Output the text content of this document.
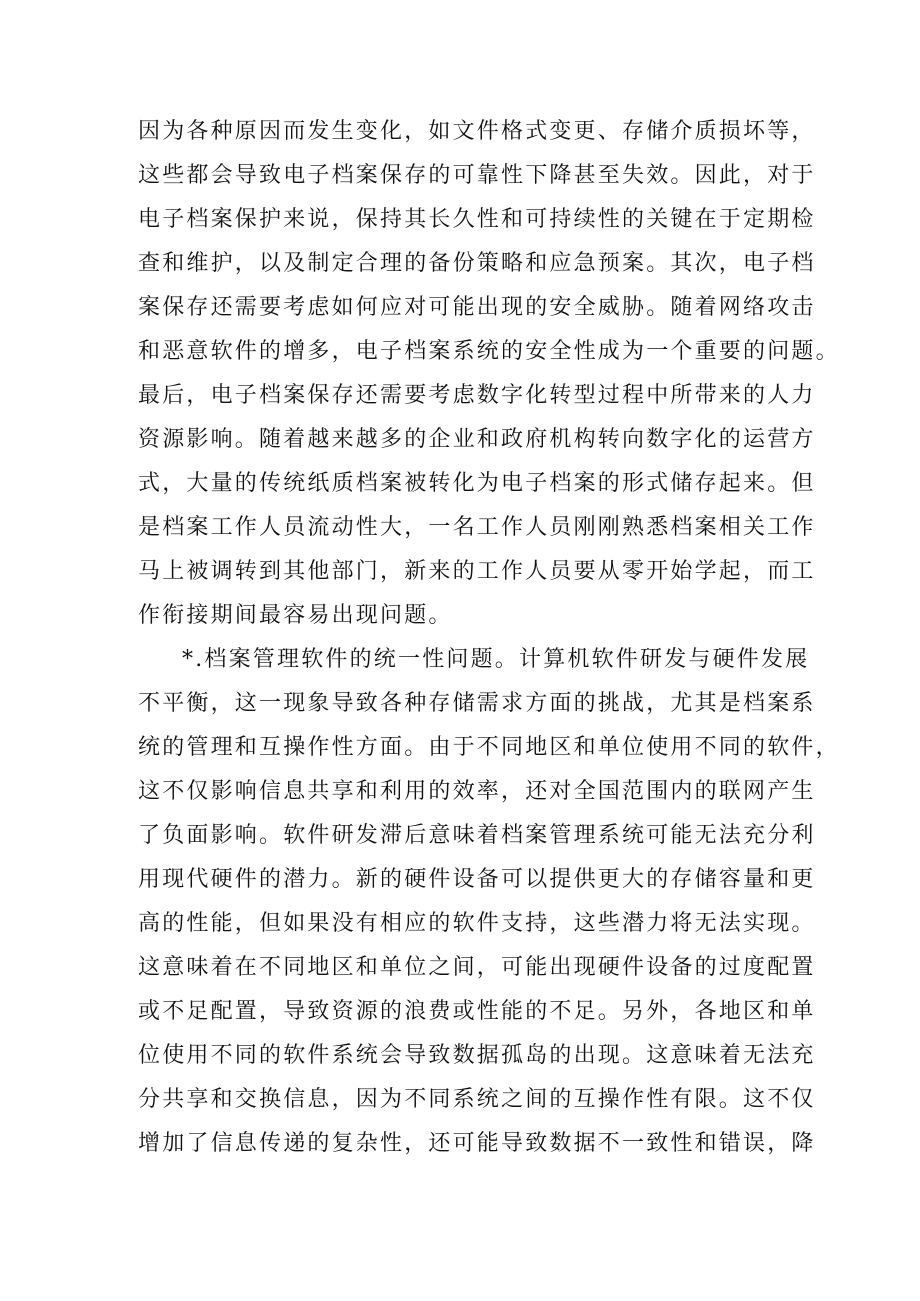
因为各种原因而发生变化，如文件格式变更、存储介质损坏等，
这些都会导致电子档案保存的可靠性下降甚至失效。因此，对于
电子档案保护来说，保持其长久性和可持续性的关键在于定期检
查和维护，以及制定合理的备份策略和应急预案。其次，电子档
案保存还需要考虑如何应对可能出现的安全威胁。随着网络攻击
和恶意软件的增多，电子档案系统的安全性成为一个重要的问题。
最后，电子档案保存还需要考虑数字化转型过程中所带来的人力
资源影响。随着越来越多的企业和政府机构转向数字化的运营方
式，大量的传统纸质档案被转化为电子档案的形式储存起来。但
是档案工作人员流动性大，一名工作人员刚刚熟悉档案相关工作
马上被调转到其他部门，新来的工作人员要从零开始学起，而工
作衔接期间最容易出现问题。
*.档案管理软件的统一性问题。计算机软件研发与硬件发展
不平衡，这一现象导致各种存储需求方面的挑战，尤其是档案系
统的管理和互操作性方面。由于不同地区和单位使用不同的软件，
这不仅影响信息共享和利用的效率，还对全国范围内的联网产生
了负面影响。软件研发滞后意味着档案管理系统可能无法充分利
用现代硬件的潜力。新的硬件设备可以提供更大的存储容量和更
高的性能，但如果没有相应的软件支持，这些潜力将无法实现。
这意味着在不同地区和单位之间，可能出现硬件设备的过度配置
或不足配置，导致资源的浪费或性能的不足。另外，各地区和单
位使用不同的软件系统会导致数据孤岛的出现。这意味着无法充
分共享和交换信息，因为不同系统之间的互操作性有限。这不仅
增加了信息传递的复杂性，还可能导致数据不一致性和错误，降
